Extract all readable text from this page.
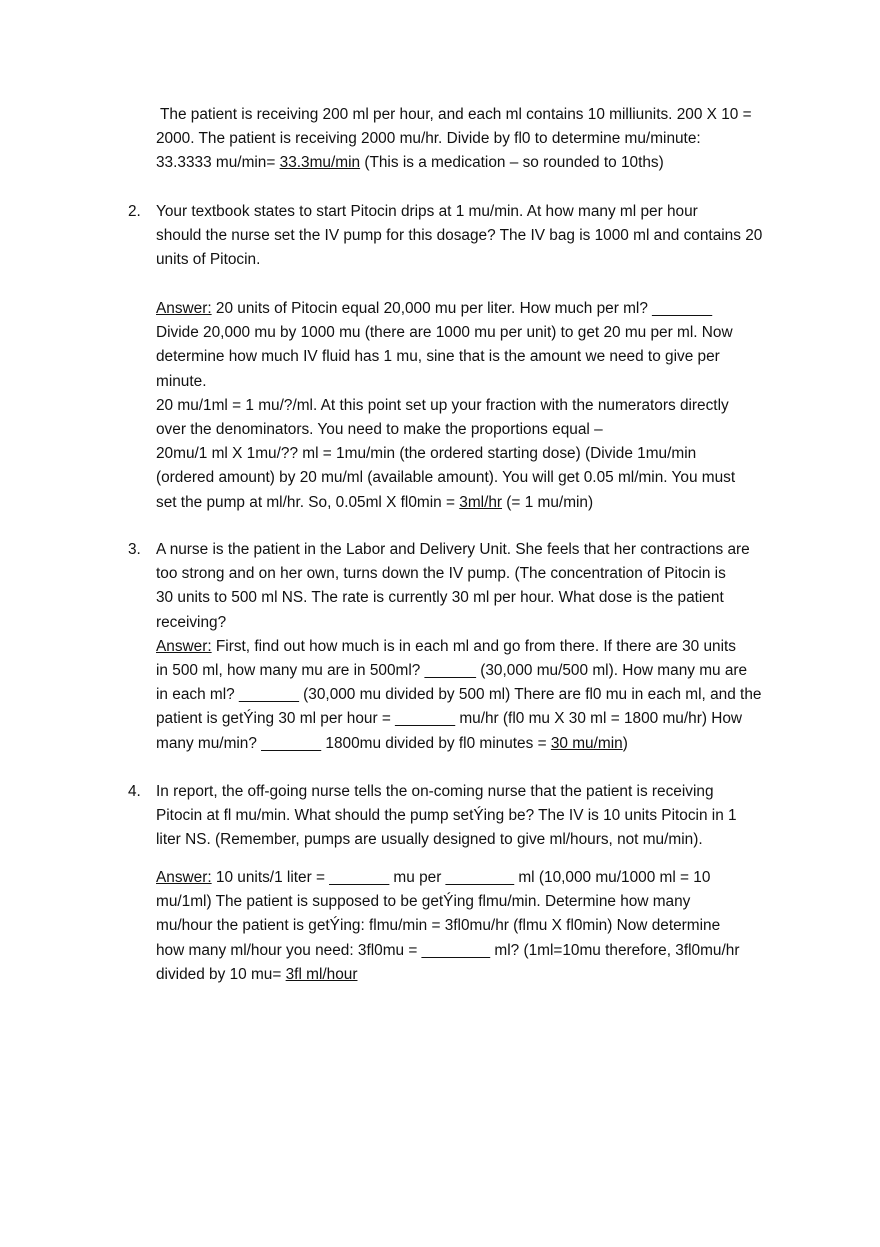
The patient is receiving 200 ml per hour, and each ml contains 10 milliunits. 200 X 10 =
2000. The patient is receiving 2000 mu/hr. Divide by fl0 to determine mu/minute:
33.3333 mu/min= 33.3mu/min (This is a medication – so rounded to 10ths)
2. Your textbook states to start Pitocin drips at 1 mu/min. At how many ml per hour
should the nurse set the IV pump for this dosage? The IV bag is 1000 ml and contains 20
units of Pitocin.
Answer: 20 units of Pitocin equal 20,000 mu per liter. How much per ml? _______
Divide 20,000 mu by 1000 mu (there are 1000 mu per unit) to get 20 mu per ml. Now
determine how much IV fluid has 1 mu, sine that is the amount we need to give per
minute.
20 mu/1ml = 1 mu/?/ml. At this point set up your fraction with the numerators directly
over the denominators. You need to make the proportions equal –
20mu/1 ml X 1mu/?? ml = 1mu/min (the ordered starting dose) (Divide 1mu/min
(ordered amount) by 20 mu/ml (available amount). You will get 0.05 ml/min. You must
set the pump at ml/hr. So, 0.05ml X fl0min = 3ml/hr (= 1 mu/min)
3. A nurse is the patient in the Labor and Delivery Unit. She feels that her contractions are
too strong and on her own, turns down the IV pump. (The concentration of Pitocin is
30 units to 500 ml NS. The rate is currently 30 ml per hour. What dose is the patient
receiving?
Answer: First, find out how much is in each ml and go from there. If there are 30 units
in 500 ml, how many mu are in 500ml? ______ (30,000 mu/500 ml). How many mu are
in each ml? _______ (30,000 mu divided by 500 ml) There are fl0 mu in each ml, and the
patient is getÝing 30 ml per hour = _______ mu/hr (fl0 mu X 30 ml = 1800 mu/hr) How
many mu/min? _______ 1800mu divided by fl0 minutes = 30 mu/min)
4. In report, the off-going nurse tells the on-coming nurse that the patient is receiving
Pitocin at fl mu/min. What should the pump setÝing be? The IV is 10 units Pitocin in 1
liter NS. (Remember, pumps are usually designed to give ml/hours, not mu/min).
Answer: 10 units/1 liter = _______ mu per ________ ml (10,000 mu/1000 ml = 10
mu/1ml) The patient is supposed to be getÝing flmu/min. Determine how many
mu/hour the patient is getÝing: flmu/min = 3fl0mu/hr (flmu X fl0min) Now determine
how many ml/hour you need: 3fl0mu = ________ ml? (1ml=10mu therefore, 3fl0mu/hr
divided by 10 mu= 3fl ml/hour
